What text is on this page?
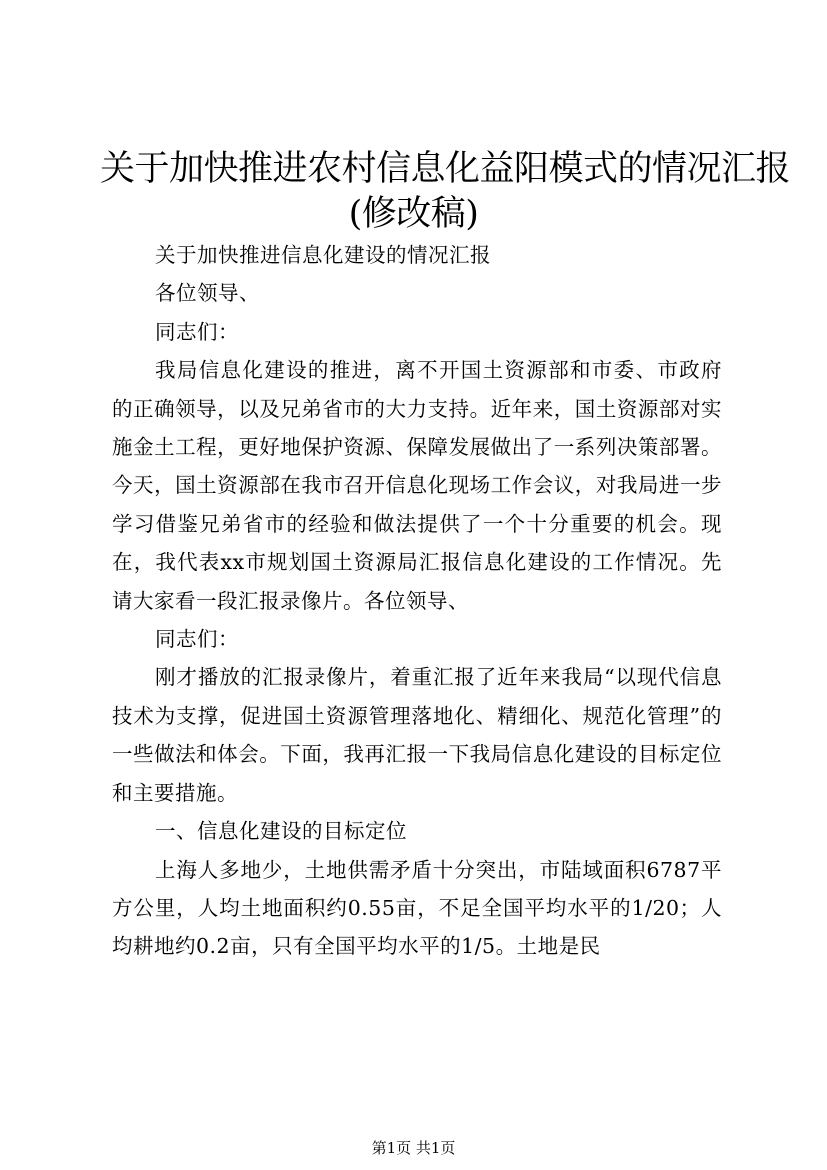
关于加快推进农村信息化益阳模式的情况汇报
(修改稿)

关于加快推进信息化建设的情况汇报

各位领导、

同志们：

我局信息化建设的推进，离不开国土资源部和市委、市政府的正确领导，以及兄弟省市的大力支持。近年来，国土资源部对实施金土工程，更好地保护资源、保障发展做出了一系列决策部署。今天，国土资源部在我市召开信息化现场工作会议，对我局进一步学习借鉴兄弟省市的经验和做法提供了一个十分重要的机会。现在，我代表xx市规划国土资源局汇报信息化建设的工作情况。先请大家看一段汇报录像片。各位领导、

同志们：

刚才播放的汇报录像片，着重汇报了近年来我局“以现代信息技术为支撑，促进国土资源管理落地化、精细化、规范化管理”的一些做法和体会。下面，我再汇报一下我局信息化建设的目标定位和主要措施。

一、信息化建设的目标定位

上海人多地少，土地供需矛盾十分突出，市陆域面积6787平方公里，人均土地面积约0.55亩，不足全国平均水平的1/20；人均耕地约0.2亩，只有全国平均水平的1/5。土地是民

第1页 共1页
